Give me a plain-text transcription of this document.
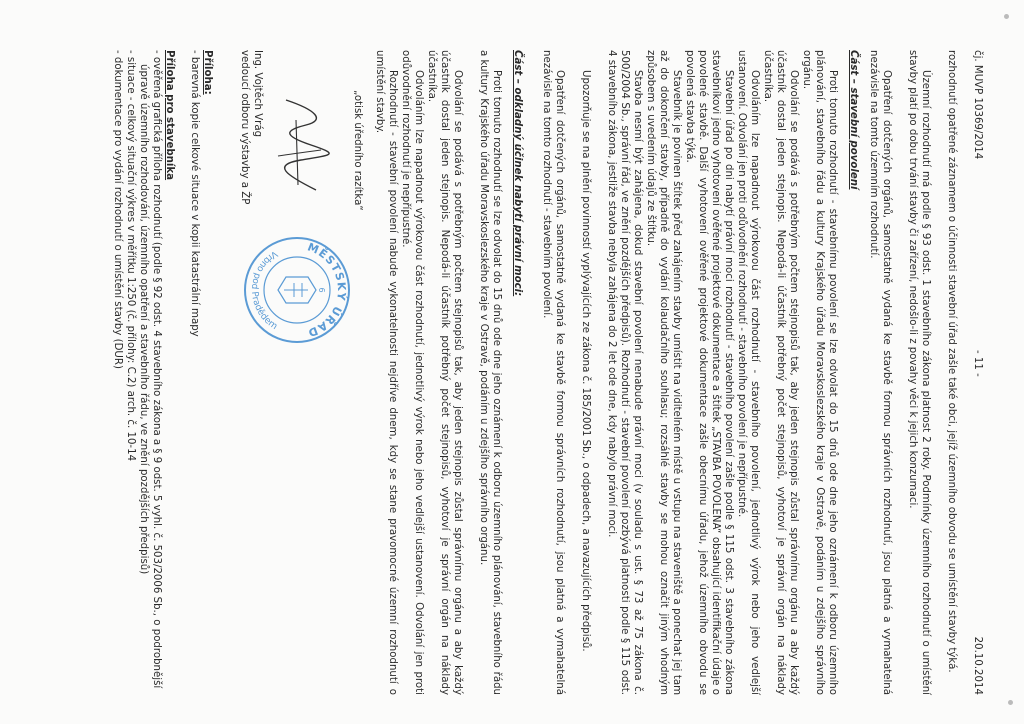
čj. MUVP 10369/2014
- 11 -
20.10.2014
rozhodnutí opatřené záznamem o účinnosti stavební úřad zašle také obci, jejíž územního obvodu se umístění stavby týká.
Územní rozhodnutí má podle § 93 odst. 1 stavebního zákona platnost 2 roky. Podmínky územního rozhodnutí o umístění stavby platí po dobu trvání stavby či zařízení, nedošlo-li z povahy věci k jejich konzumaci.
Opatření dotčených orgánů, samostatně vydaná ke stavbě formou správních rozhodnutí, jsou platná a vymahatelná nezávisle na tomto územním rozhodnutí.
Část – stavební povolení
Proti tomuto rozhodnutí - stavebnímu povolení se lze odvolat do 15 dnů ode dne jeho oznámení k odboru územního plánování, stavebního řádu a kultury Krajského úřadu Moravskoslezského kraje v Ostravě, podáním u zdejšího správního orgánu.
Odvolání se podává s potřebným počtem stejnopisů tak, aby jeden stejnopis zůstal správnímu orgánu a aby každý účastník dostal jeden stejnopis. Nepodá-li účastník potřebný počet stejnopisů, vyhotoví je správní orgán na náklady účastníka.
Odvoláním lze napadnout výrokovou část rozhodnutí - stavebního povolení, jednotlivý výrok nebo jeho vedlejší ustanovení. Odvolání jen proti odůvodnění rozhodnutí - stavebního povolení je nepřípustné.
Stavební úřad po dni nabytí právní moci rozhodnutí - stavebního povolení zašle podle § 115 odst. 3 stavebního zákona stavebníkovi jedno vyhotovení ověřené projektové dokumentace a štítek „STAVBA POVOLENA“ obsahující identifikační údaje o povolené stavbě. Další vyhotovení ověřené projektové dokumentace zašle obecnímu úřadu, jehož územního obvodu se povolená stavba týká.
Stavebník je povinen štítek před zahájením stavby umístit na viditelném místě u vstupu na staveniště a ponechat jej tam až do dokončení stavby, případně do vydání kolaudačního souhlasu; rozsáhlé stavby se mohou označit jiným vhodným způsobem s uvedením údajů ze štítku.
Stavba nesmí být zahájena, dokud stavební povolení nenabude právní moci (v souladu s ust. § 73 až 75 zákona č. 500/2004 Sb., správní řád, ve znění pozdějších předpisů). Rozhodnutí - stavební povolení pozbývá platnosti podle § 115 odst. 4 stavebního zákona, jestliže stavba nebyla zahájena do 2 let ode dne, kdy nabylo právní moci.
Upozorňuje se na plnění povinností vyplývajících ze zákona č. 185/2001 Sb., o odpadech, a navazujících předpisů.
Opatření dotčených orgánů, samostatně vydaná ke stavbě formou správních rozhodnutí, jsou platná a vymahatelná nezávisle na tomto rozhodnutí - stavebním povolení.
Část – odkladný účinek nabytí právní moci:
Proti tomuto rozhodnutí se lze odvolat do 15 dnů ode dne jeho oznámení k odboru územního plánování, stavebního řádu a kultury Krajského úřadu Moravskoslezského kraje v Ostravě, podáním u zdejšího správního orgánu.
Odvolání se podává s potřebným počtem stejnopisů tak, aby jeden stejnopis zůstal správnímu orgánu a aby každý účastník dostal jeden stejnopis. Nepodá-li účastník potřebný počet stejnopisů, vyhotoví je správní orgán na náklady účastníka.
Odvoláním lze napadnout výrokovou část rozhodnutí, jednotlivý výrok nebo jeho vedlejší ustanovení. Odvolání jen proti odůvodnění rozhodnutí je nepřípustné.
Rozhodnutí - stavební povolení nabude vykonatelnosti nejdříve dnem, kdy se stane pravomocné územní rozhodnutí o umístění stavby.
„otisk úředního razítka“
MĚSTSKÝ ÚŘAD
Vrbno pod Pradědem
6
Ing. Vojtěch Vrág
vedoucí odboru výstavby a ŽP
Příloha:
- barevná kopie celkové situace v kopii katastrální mapy
Příloha pro stavebníka
- ověřená grafická příloha rozhodnutí (podle § 92 odst. 4 stavebního zákona a § 9 odst. 5 vyhl. č. 503/2006 Sb., o podrobnější úpravě územního rozhodování, územního opatření a stavebního řádu, ve znění pozdějších předpisů)
- situace - celkový situační výkres v měřítku 1:250 (č. přílohy: C.2) arch. č. 10-14
- dokumentace pro vydání rozhodnutí o umístění stavby (DUR)
